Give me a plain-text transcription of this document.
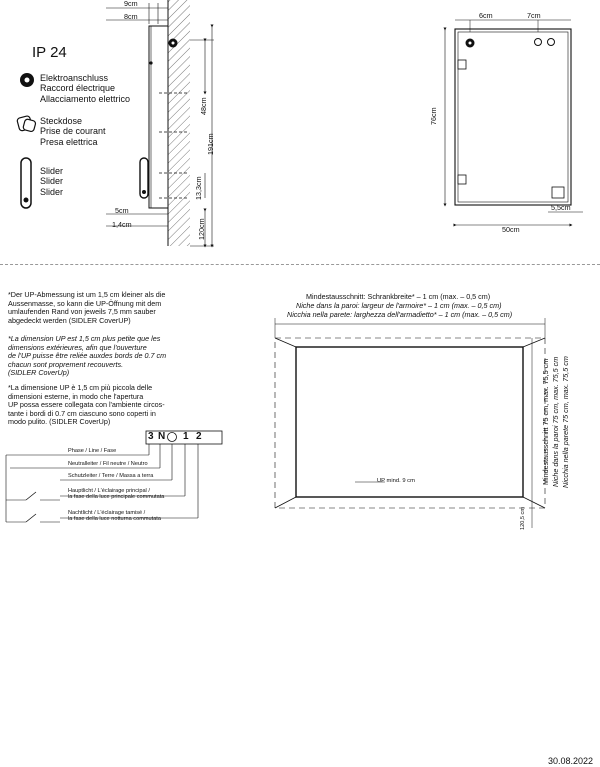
IP 24
Elektroanschluss
Raccord électrique
Allacciamento elettrico
Steckdose
Prise de courant
Presa elettrica
Slider
Slider
Slider
9cm
8cm
48cm
191cm
13,3cm
5cm
1,4cm	120cm
6cm	7cm
76cm
5,5cm
50cm
*Der UP-Abmessung ist um 1,5 cm kleiner als die
Aussenmasse, so kann die UP-Öffnung mit dem
umlaufenden Rand von jeweils 7,5 mm sauber
abgedeckt werden (SIDLER CoverUP)
*La dimension UP est 1,5 cm plus petite que les
dimensions extérieures, afin que l'ouverture
de l'UP puisse être reliée auxdes bords de 0.7 cm
chacun sont proprement recouverts.
(SIDLER CoverUp)
*La dimensione UP è 1,5 cm più piccola delle
dimensioni esterne, in modo che l'apertura
UP possa essere collegata con l'ambiente circos-
tante i bordi di 0.7 cm ciascuno sono coperti in
modo pulito. (SIDLER CoverUp)
3 N 1 2
Phase / Line / Fase
Neutralleiter / Fil neutre / Neutro
Schutzleiter / Terre / Massa a terra
Hauptlicht / L'éclairage principal /
la fase della luce principale commutata
Nachtlicht / L'éclairage tamisé /
la fase della luce notturna commutata
Mindestausschnitt: Schrankbreite* – 1 cm (max. – 0,5 cm)
Niche dans la paroi: largeur de l'armoire* – 1 cm (max. – 0,5 cm)
Nicchia nella parete: larghezza dell'armadietto* – 1 cm (max. – 0,5 cm)
Mindestausschnitt 75 cm, max. 75,5 cm Niche dans la paroi 75 cm, max. 75,5 cm Nicchia nella parete 75 cm, max. 75,5 cm
UP mind. 9 cm
120,5 cm
30.08.2022
